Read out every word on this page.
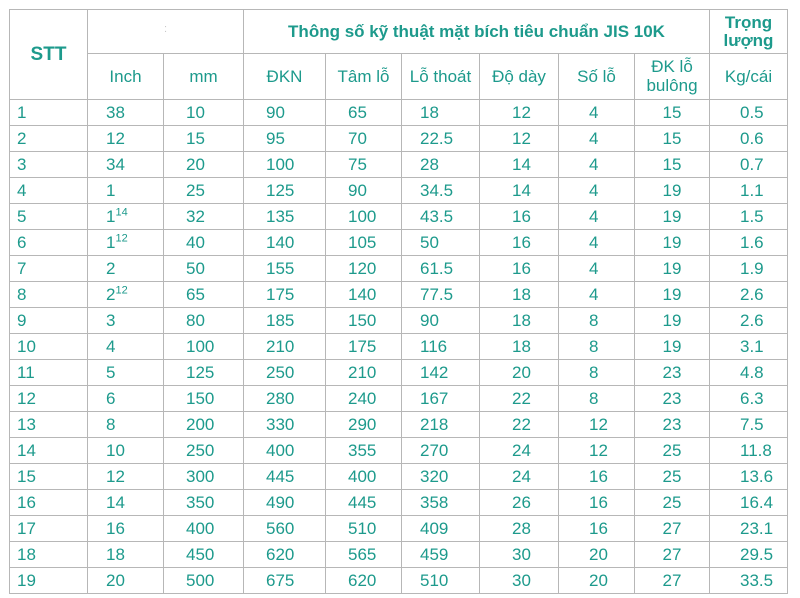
STT	:		Thông số kỹ thuật mặt bích tiêu chuẩn JIS 10K						Trọng lượng
	Inch	mm	ĐKN	Tâm lỗ	Lỗ thoát	Độ dày	Số lỗ	ĐK lỗ bulông	Kg/cái
1	38	10	90	65	18	12	4	15	0.5
2	12	15	95	70	22.5	12	4	15	0.6
3	34	20	100	75	28	14	4	15	0.7
4	1	25	125	90	34.5	14	4	19	1.1
5	$1^{14}$	32	135	100	43.5	16	4	19	1.5
6	$1^{12}$	40	140	105	50	16	4	19	1.6
7	2	50	155	120	61.5	16	4	19	1.9
8	$2^{12}$	65	175	140	77.5	18	4	19	2.6
9	3	80	185	150	90	18	8	19	2.6
10	4	100	210	175	116	18	8	19	3.1
11	5	125	250	210	142	20	8	23	4.8
12	6	150	280	240	167	22	8	23	6.3
13	8	200	330	290	218	22	12	23	7.5
14	10	250	400	355	270	24	12	25	11.8
15	12	300	445	400	320	24	16	25	13.6
16	14	350	490	445	358	26	16	25	16.4
17	16	400	560	510	409	28	16	27	23.1
18	18	450	620	565	459	30	20	27	29.5
19	20	500	675	620	510	30	20	27	33.5
